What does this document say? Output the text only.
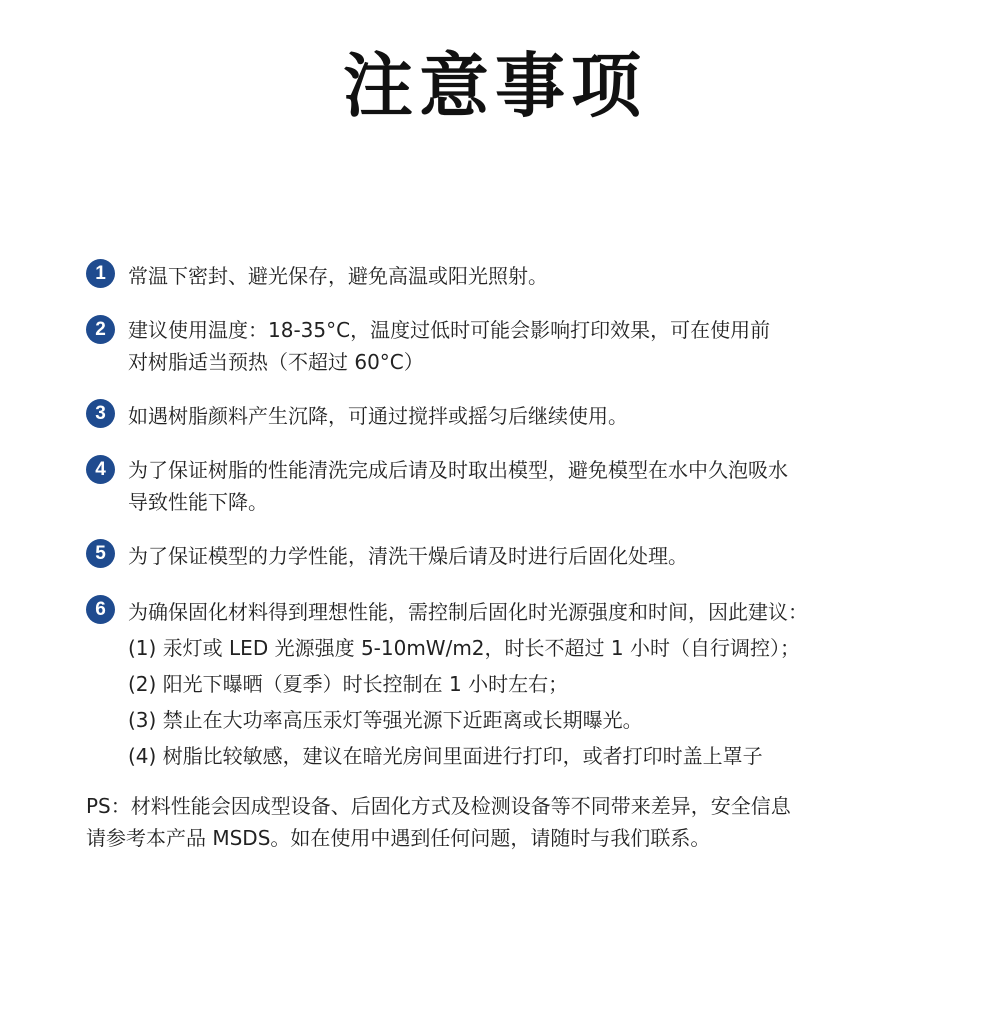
注意事项
1	常温下密封、避光保存，避免高温或阳光照射。
2	建议使用温度：18-35°C，温度过低时可能会影响打印效果，可在使用前
对树脂适当预热（不超过 60°C）
3	如遇树脂颜料产生沉降，可通过搅拌或摇匀后继续使用。
4	为了保证树脂的性能清洗完成后请及时取出模型，避免模型在水中久泡吸水
导致性能下降。
5	为了保证模型的力学性能，清洗干燥后请及时进行后固化处理。
6	为确保固化材料得到理想性能，需控制后固化时光源强度和时间，因此建议：
(1) 汞灯或 LED 光源强度 5-10mW/m2，时长不超过 1 小时（自行调控）；
(2) 阳光下曝晒（夏季）时长控制在 1 小时左右；
(3) 禁止在大功率高压汞灯等强光源下近距离或长期曝光。
(4) 树脂比较敏感，建议在暗光房间里面进行打印，或者打印时盖上罩子
PS：材料性能会因成型设备、后固化方式及检测设备等不同带来差异，安全信息
请参考本产品 MSDS。如在使用中遇到任何问题，请随时与我们联系。
